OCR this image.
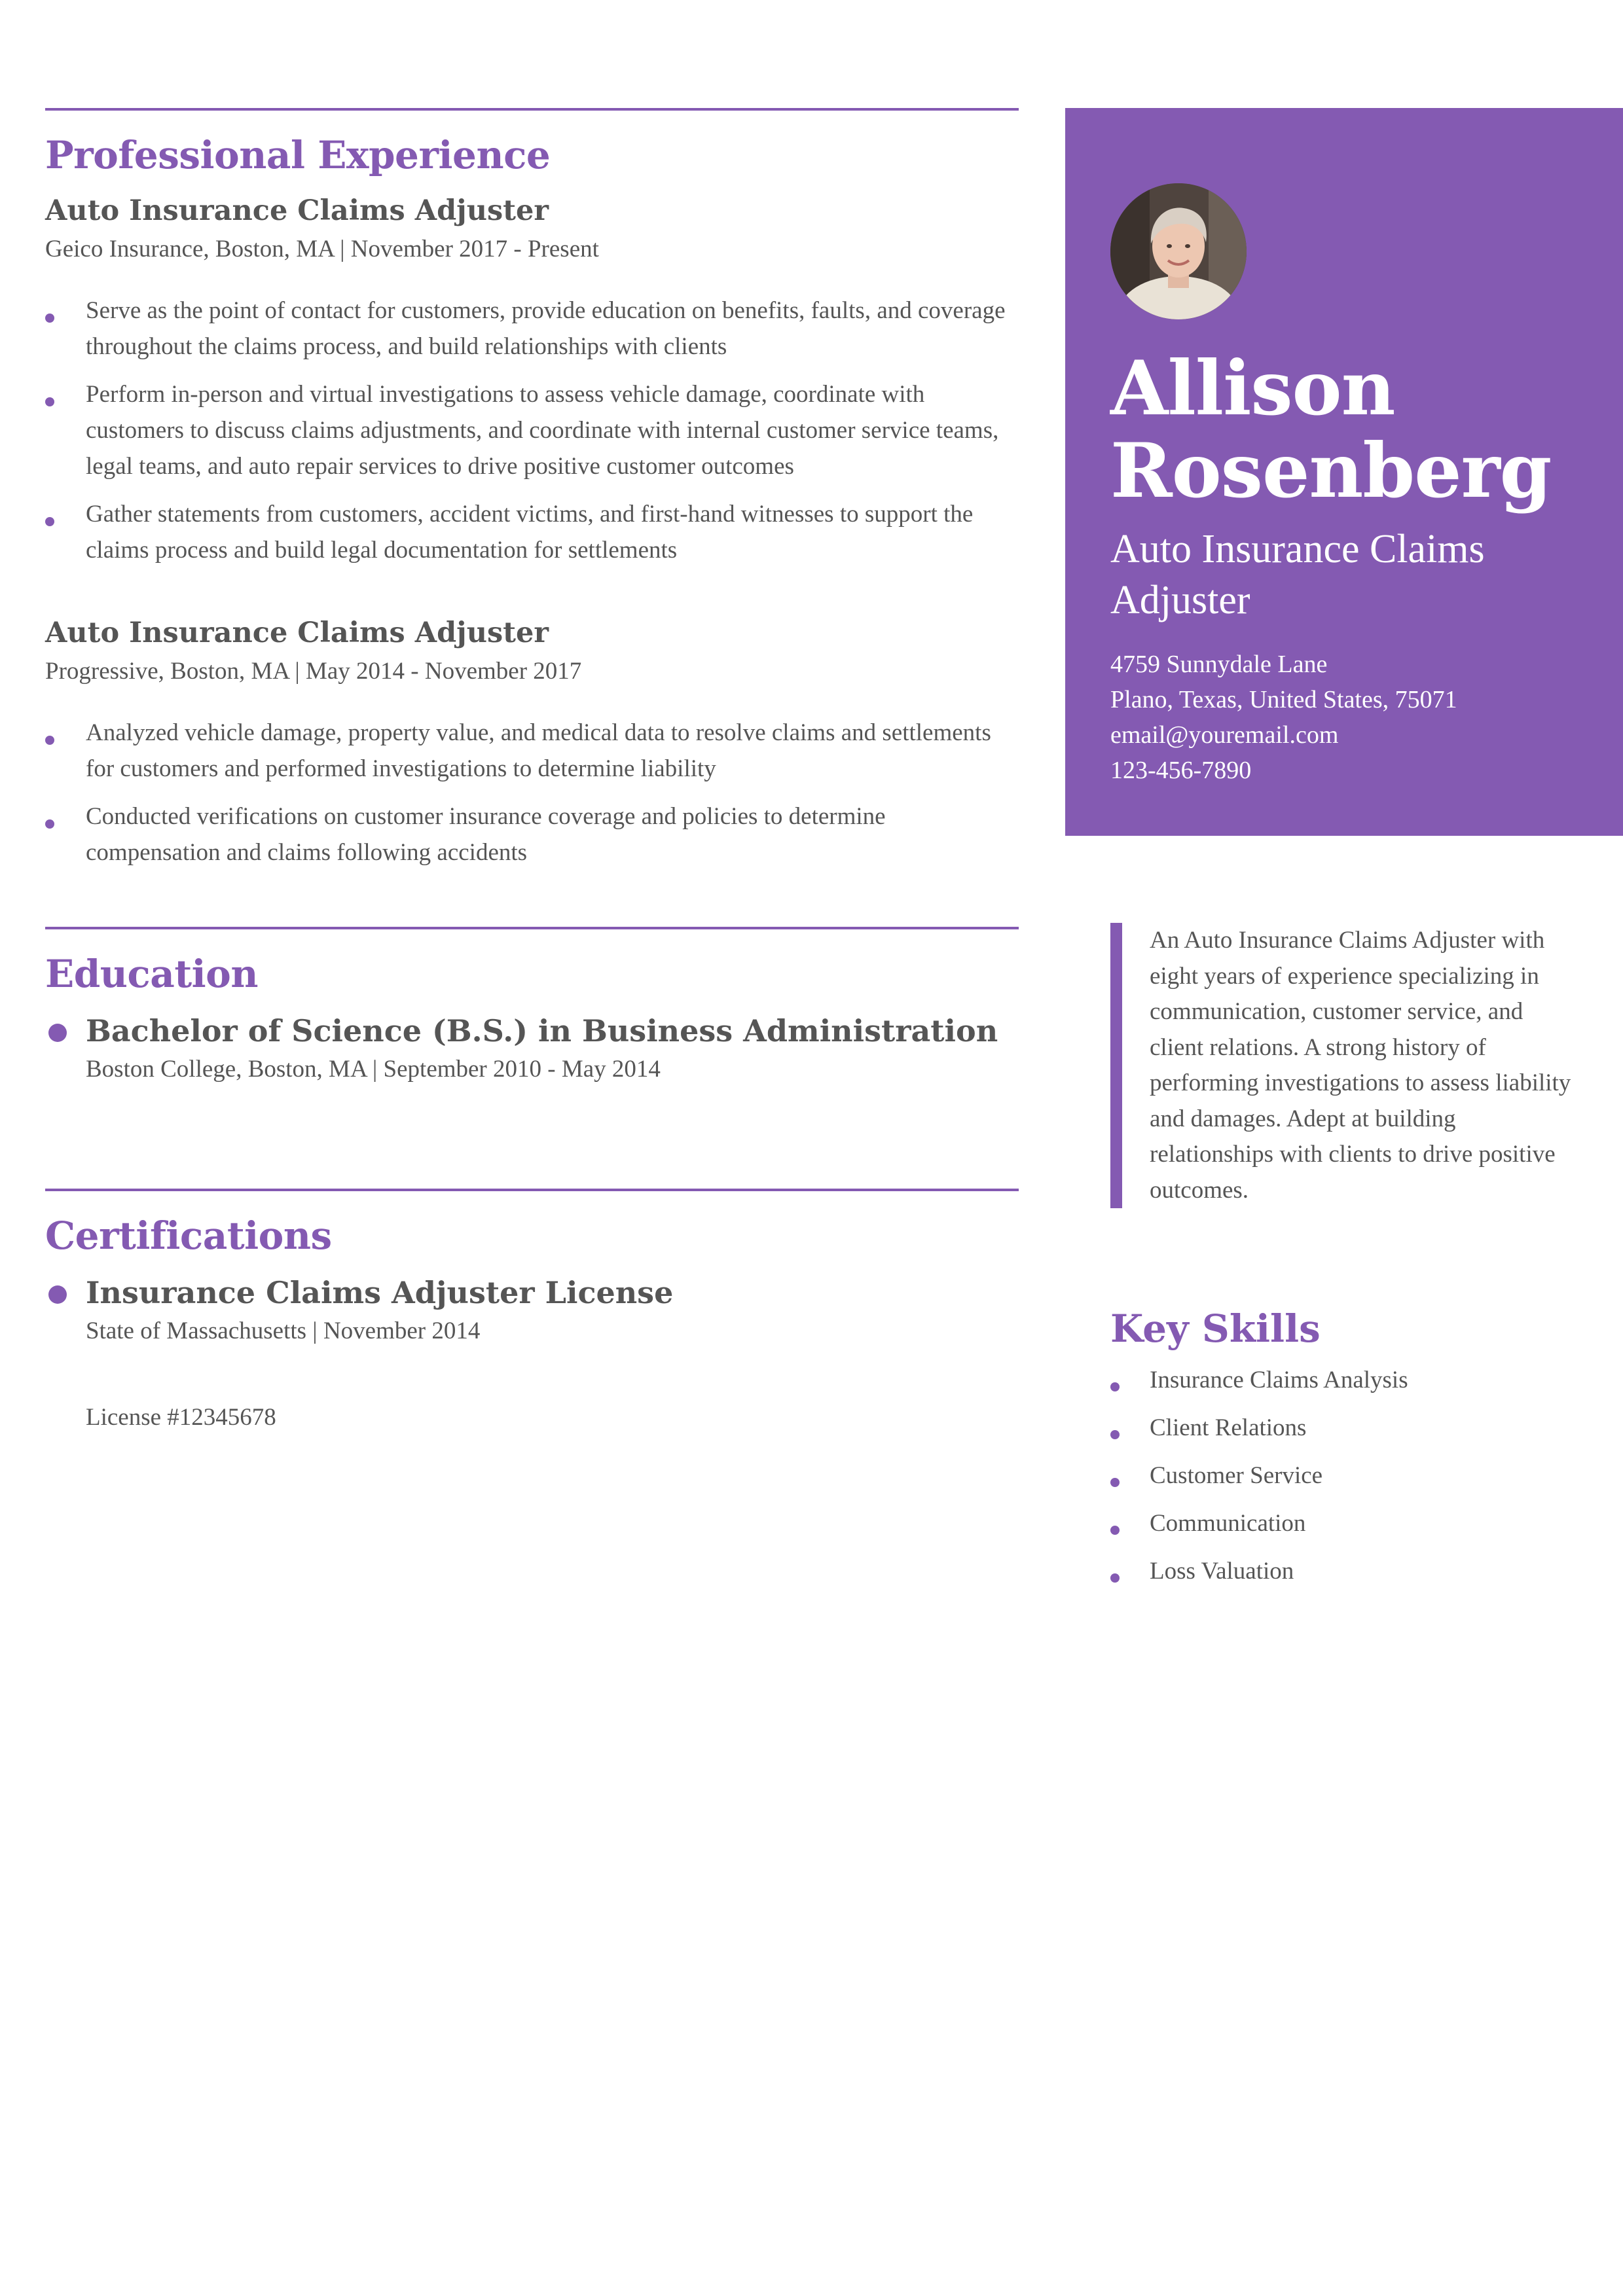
Professional Experience
Auto Insurance Claims Adjuster
Geico Insurance, Boston, MA | November 2017 - Present
Serve as the point of contact for customers, provide education on benefits, faults, and coverage throughout the claims process, and build relationships with clients
Perform in-person and virtual investigations to assess vehicle damage, coordinate with customers to discuss claims adjustments, and coordinate with internal customer service teams, legal teams, and auto repair services to drive positive customer outcomes
Gather statements from customers, accident victims, and first-hand witnesses to support the claims process and build legal documentation for settlements
Auto Insurance Claims Adjuster
Progressive, Boston, MA | May 2014 - November 2017
Analyzed vehicle damage, property value, and medical data to resolve claims and settlements for customers and performed investigations to determine liability
Conducted verifications on customer insurance coverage and policies to determine compensation and claims following accidents
Education
Bachelor of Science (B.S.) in Business Administration
Boston College, Boston, MA | September 2010 - May 2014
Certifications
Insurance Claims Adjuster License
State of Massachusetts | November 2014
License #12345678
Allison
Rosenberg
Auto Insurance Claims Adjuster
4759 Sunnydale Lane
Plano, Texas, United States, 75071
email@youremail.com
123-456-7890
An Auto Insurance Claims Adjuster with eight years of experience specializing in communication, customer service, and client relations. A strong history of performing investigations to assess liability and damages. Adept at building relationships with clients to drive positive outcomes.
Key Skills
Insurance Claims Analysis
Client Relations
Customer Service
Communication
Loss Valuation
